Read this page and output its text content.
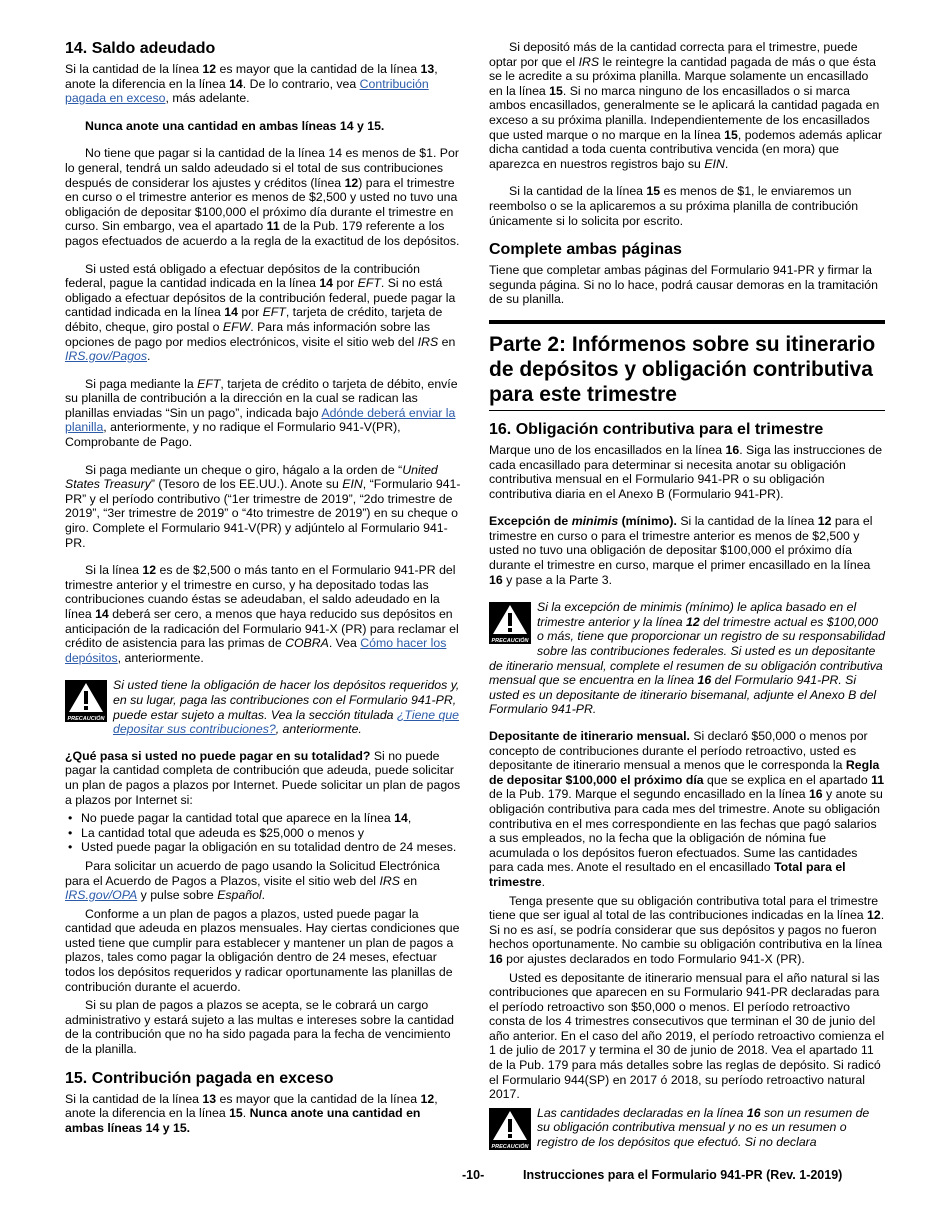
14. Saldo adeudado

Si la cantidad de la línea 12 es mayor que la cantidad de la línea 13, anote la diferencia en la línea 14. De lo contrario, vea Contribución pagada en exceso, más adelante.

Nunca anote una cantidad en ambas líneas 14 y 15.

No tiene que pagar si la cantidad de la línea 14 es menos de $1. Por lo general, tendrá un saldo adeudado si el total de sus contribuciones después de considerar los ajustes y créditos (línea 12) para el trimestre en curso o el trimestre anterior es menos de $2,500 y usted no tuvo una obligación de depositar $100,000 el próximo día durante el trimestre en curso. Sin embargo, vea el apartado 11 de la Pub. 179 referente a los pagos efectuados de acuerdo a la regla de la exactitud de los depósitos.

Si usted está obligado a efectuar depósitos de la contribución federal, pague la cantidad indicada en la línea 14 por EFT. Si no está obligado a efectuar depósitos de la contribución federal, puede pagar la cantidad indicada en la línea 14 por EFT, tarjeta de crédito, tarjeta de débito, cheque, giro postal o EFW. Para más información sobre las opciones de pago por medios electrónicos, visite el sitio web del IRS en IRS.gov/Pagos.

Si paga mediante la EFT, tarjeta de crédito o tarjeta de débito, envíe su planilla de contribución a la dirección en la cual se radican las planillas enviadas “Sin un pago”, indicada bajo Adónde deberá enviar la planilla, anteriormente, y no radique el Formulario 941-V(PR), Comprobante de Pago.

Si paga mediante un cheque o giro, hágalo a la orden de “United States Treasury” (Tesoro de los EE.UU.). Anote su EIN, “Formulario 941-PR” y el período contributivo (“1er trimestre de 2019”, “2do trimestre de 2019”, “3er trimestre de 2019” o “4to trimestre de 2019”) en su cheque o giro. Complete el Formulario 941-V(PR) y adjúntelo al Formulario 941-PR.

Si la línea 12 es de $2,500 o más tanto en el Formulario 941-PR del trimestre anterior y el trimestre en curso, y ha depositado todas las contribuciones cuando éstas se adeudaban, el saldo adeudado en la línea 14 deberá ser cero, a menos que haya reducido sus depósitos en anticipación de la radicación del Formulario 941-X (PR) para reclamar el crédito de asistencia para las primas de COBRA. Vea Cómo hacer los depósitos, anteriormente.

PRECAUCIÓN
Si usted tiene la obligación de hacer los depósitos requeridos y, en su lugar, paga las contribuciones con el Formulario 941-PR, puede estar sujeto a multas. Vea la sección titulada ¿Tiene que depositar sus contribuciones?, anteriormente.

¿Qué pasa si usted no puede pagar en su totalidad? Si no puede pagar la cantidad completa de contribución que adeuda, puede solicitar un plan de pagos a plazos por Internet. Puede solicitar un plan de pagos a plazos por Internet si:

• No puede pagar la cantidad total que aparece en la línea 14,
• La cantidad total que adeuda es $25,000 o menos y
• Usted puede pagar la obligación en su totalidad dentro de 24 meses.

Para solicitar un acuerdo de pago usando la Solicitud Electrónica para el Acuerdo de Pagos a Plazos, visite el sitio web del IRS en IRS.gov/OPA y pulse sobre Español.

Conforme a un plan de pagos a plazos, usted puede pagar la cantidad que adeuda en plazos mensuales. Hay ciertas condiciones que usted tiene que cumplir para establecer y mantener un plan de pagos a plazos, tales como pagar la obligación dentro de 24 meses, efectuar todos los depósitos requeridos y radicar oportunamente las planillas de contribución durante el acuerdo.

Si su plan de pagos a plazos se acepta, se le cobrará un cargo administrativo y estará sujeto a las multas e intereses sobre la cantidad de la contribución que no ha sido pagada para la fecha de vencimiento de la planilla.

15. Contribución pagada en exceso

Si la cantidad de la línea 13 es mayor que la cantidad de la línea 12, anote la diferencia en la línea 15. Nunca anote una cantidad en ambas líneas 14 y 15.

Si depositó más de la cantidad correcta para el trimestre, puede optar por que el IRS le reintegre la cantidad pagada de más o que ésta se le acredite a su próxima planilla. Marque solamente un encasillado en la línea 15. Si no marca ninguno de los encasillados o si marca ambos encasillados, generalmente se le aplicará la cantidad pagada en exceso a su próxima planilla. Independientemente de los encasillados que usted marque o no marque en la línea 15, podemos además aplicar dicha cantidad a toda cuenta contributiva vencida (en mora) que aparezca en nuestros registros bajo su EIN.

Si la cantidad de la línea 15 es menos de $1, le enviaremos un reembolso o se la aplicaremos a su próxima planilla de contribución únicamente si lo solicita por escrito.

Complete ambas páginas

Tiene que completar ambas páginas del Formulario 941-PR y firmar la segunda página. Si no lo hace, podrá causar demoras en la tramitación de su planilla.

Parte 2: Infórmenos sobre su itinerario de depósitos y obligación contributiva para este trimestre
16. Obligación contributiva para el trimestre

Marque uno de los encasillados en la línea 16. Siga las instrucciones de cada encasillado para determinar si necesita anotar su obligación contributiva mensual en el Formulario 941-PR o su obligación contributiva diaria en el Anexo B (Formulario 941-PR).

Excepción de minimis (mínimo). Si la cantidad de la línea 12 para el trimestre en curso o para el trimestre anterior es menos de $2,500 y usted no tuvo una obligación de depositar $100,000 el próximo día durante el trimestre en curso, marque el primer encasillado en la línea 16 y pase a la Parte 3.

PRECAUCIÓN
Si la excepción de minimis (mínimo) le aplica basado en el trimestre anterior y la línea 12 del trimestre actual es $100,000 o más, tiene que proporcionar un registro de su responsabilidad sobre las contribuciones federales. Si usted es un depositante de itinerario mensual, complete el resumen de su obligación contributiva mensual que se encuentra en la línea 16 del Formulario 941-PR. Si usted es un depositante de itinerario bisemanal, adjunte el Anexo B del Formulario 941-PR.

Depositante de itinerario mensual. Si declaró $50,000 o menos por concepto de contribuciones durante el período retroactivo, usted es depositante de itinerario mensual a menos que le corresponda la Regla de depositar $100,000 el próximo día que se explica en el apartado 11 de la Pub. 179. Marque el segundo encasillado en la línea 16 y anote su obligación contributiva para cada mes del trimestre. Anote su obligación contributiva en el mes correspondiente en las fechas que pagó salarios a sus empleados, no la fecha que la obligación de nómina fue acumulada o los depósitos fueron efectuados. Sume las cantidades para cada mes. Anote el resultado en el encasillado Total para el trimestre.

Tenga presente que su obligación contributiva total para el trimestre tiene que ser igual al total de las contribuciones indicadas en la línea 12. Si no es así, se podría considerar que sus depósitos y pagos no fueron hechos oportunamente. No cambie su obligación contributiva en la línea 16 por ajustes declarados en todo Formulario 941-X (PR).

Usted es depositante de itinerario mensual para el año natural si las contribuciones que aparecen en su Formulario 941-PR declaradas para el período retroactivo son $50,000 o menos. El período retroactivo consta de los 4 trimestres consecutivos que terminan el 30 de junio del año anterior. En el caso del año 2019, el período retroactivo comienza el 1 de julio de 2017 y termina el 30 de junio de 2018. Vea el apartado 11 de la Pub. 179 para más detalles sobre las reglas de depósito. Si radicó el Formulario 944(SP) en 2017 ó 2018, su período retroactivo natural 2017.

PRECAUCIÓN
Las cantidades declaradas en la línea 16 son un resumen de su obligación contributiva mensual y no es un resumen o registro de los depósitos que efectuó. Si no declara
-10-	Instrucciones para el Formulario 941-PR (Rev. 1-2019)
